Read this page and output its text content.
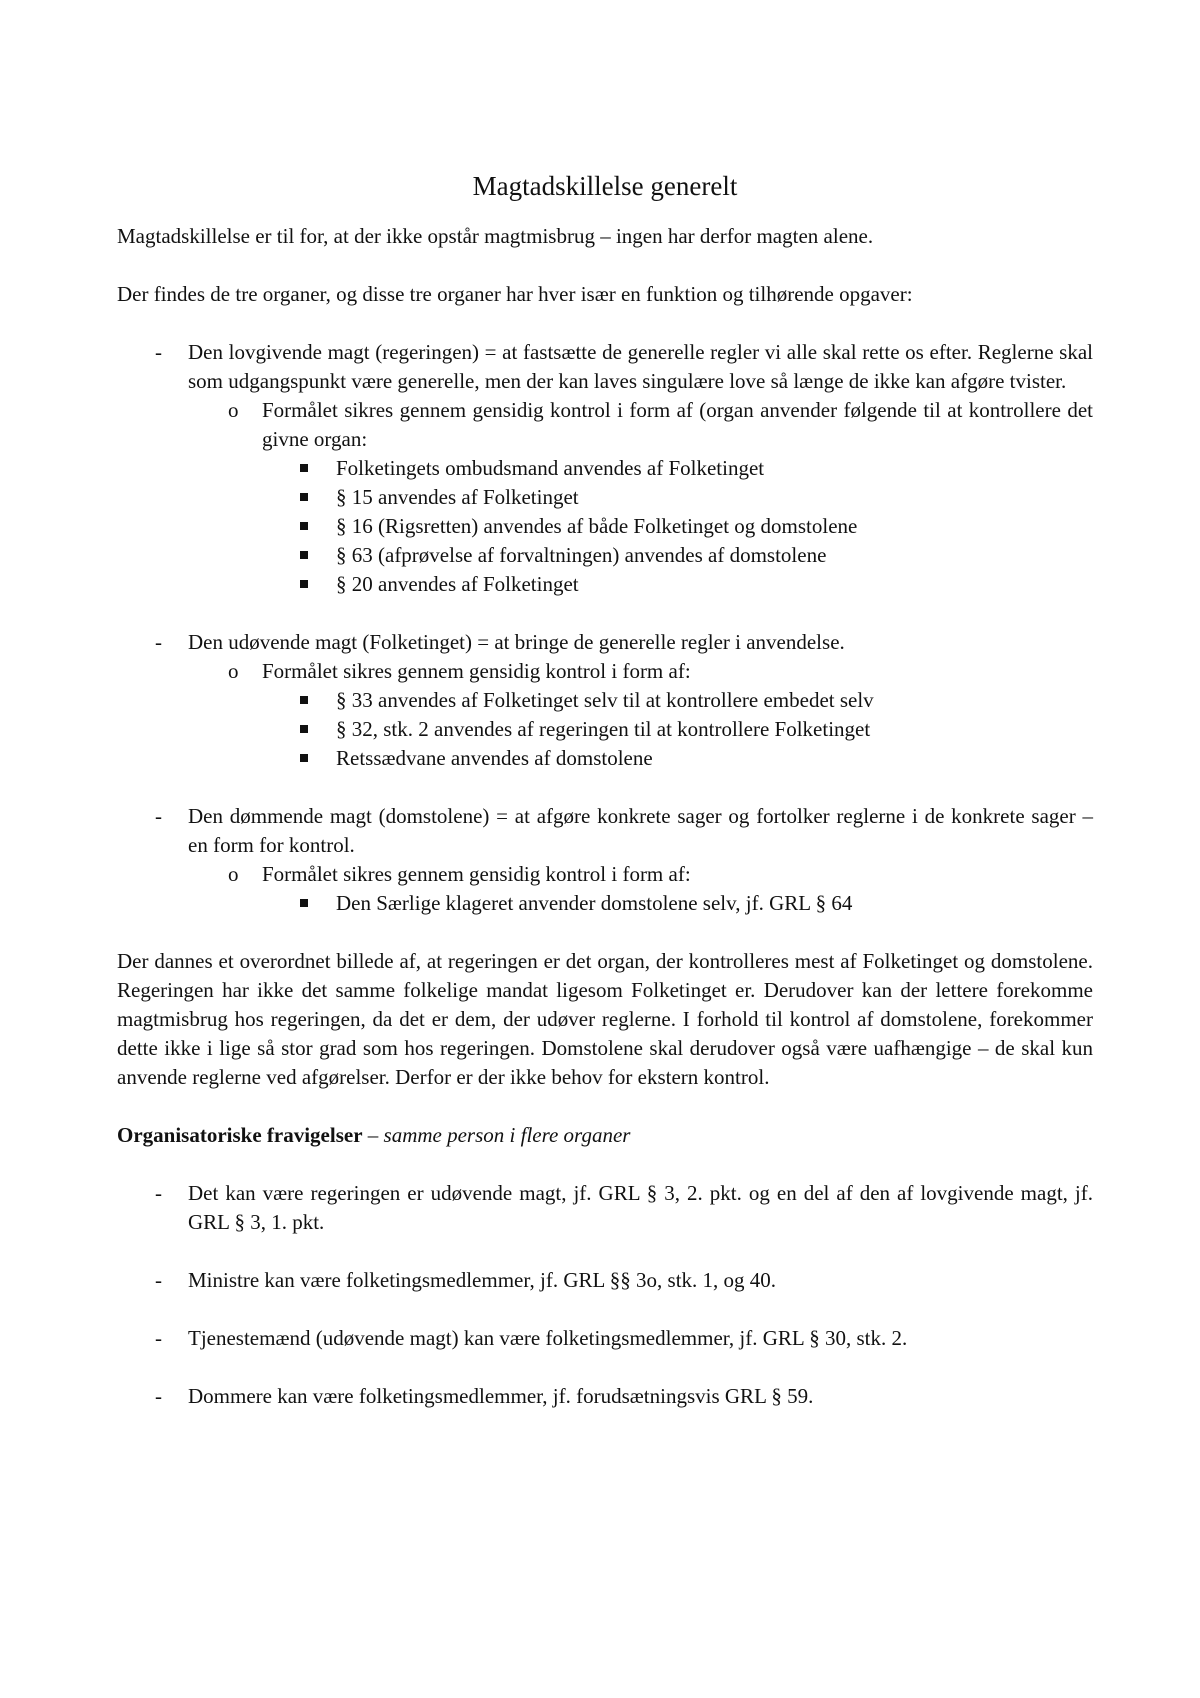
Magtadskillelse generelt

Magtadskillelse er til for, at der ikke opstår magtmisbrug – ingen har derfor magten alene.

Der findes de tre organer, og disse tre organer har hver især en funktion og tilhørende opgaver:

- Den lovgivende magt (regeringen) = at fastsætte de generelle regler vi alle skal rette os efter. Reglerne skal som udgangspunkt være generelle, men der kan laves singulære love så længe de ikke kan afgøre tvister.
o Formålet sikres gennem gensidig kontrol i form af (organ anvender følgende til at kontrollere det givne organ:
Folketingets ombudsmand anvendes af Folketinget
§ 15 anvendes af Folketinget
§ 16 (Rigsretten) anvendes af både Folketinget og domstolene
§ 63 (afprøvelse af forvaltningen) anvendes af domstolene
§ 20 anvendes af Folketinget
- Den udøvende magt (Folketinget) = at bringe de generelle regler i anvendelse.
o Formålet sikres gennem gensidig kontrol i form af:
§ 33 anvendes af Folketinget selv til at kontrollere embedet selv
§ 32, stk. 2 anvendes af regeringen til at kontrollere Folketinget
Retssædvane anvendes af domstolene
- Den dømmende magt (domstolene) = at afgøre konkrete sager og fortolker reglerne i de konkrete sager – en form for kontrol.
o Formålet sikres gennem gensidig kontrol i form af:
Den Særlige klageret anvender domstolene selv, jf. GRL § 64

Der dannes et overordnet billede af, at regeringen er det organ, der kontrolleres mest af Folketinget og domstolene. Regeringen har ikke det samme folkelige mandat ligesom Folketinget er. Derudover kan der lettere forekomme magtmisbrug hos regeringen, da det er dem, der udøver reglerne. I forhold til kontrol af domstolene, forekommer dette ikke i lige så stor grad som hos regeringen. Domstolene skal derudover også være uafhængige – de skal kun anvende reglerne ved afgørelser. Derfor er der ikke behov for ekstern kontrol.

Organisatoriske fravigelser – samme person i flere organer

- Det kan være regeringen er udøvende magt, jf. GRL § 3, 2. pkt. og en del af den af lovgivende magt, jf. GRL § 3, 1. pkt.
- Ministre kan være folketingsmedlemmer, jf. GRL §§ 3o, stk. 1, og 40.
- Tjenestemænd (udøvende magt) kan være folketingsmedlemmer, jf. GRL § 30, stk. 2.
- Dommere kan være folketingsmedlemmer, jf. forudsætningsvis GRL § 59.
